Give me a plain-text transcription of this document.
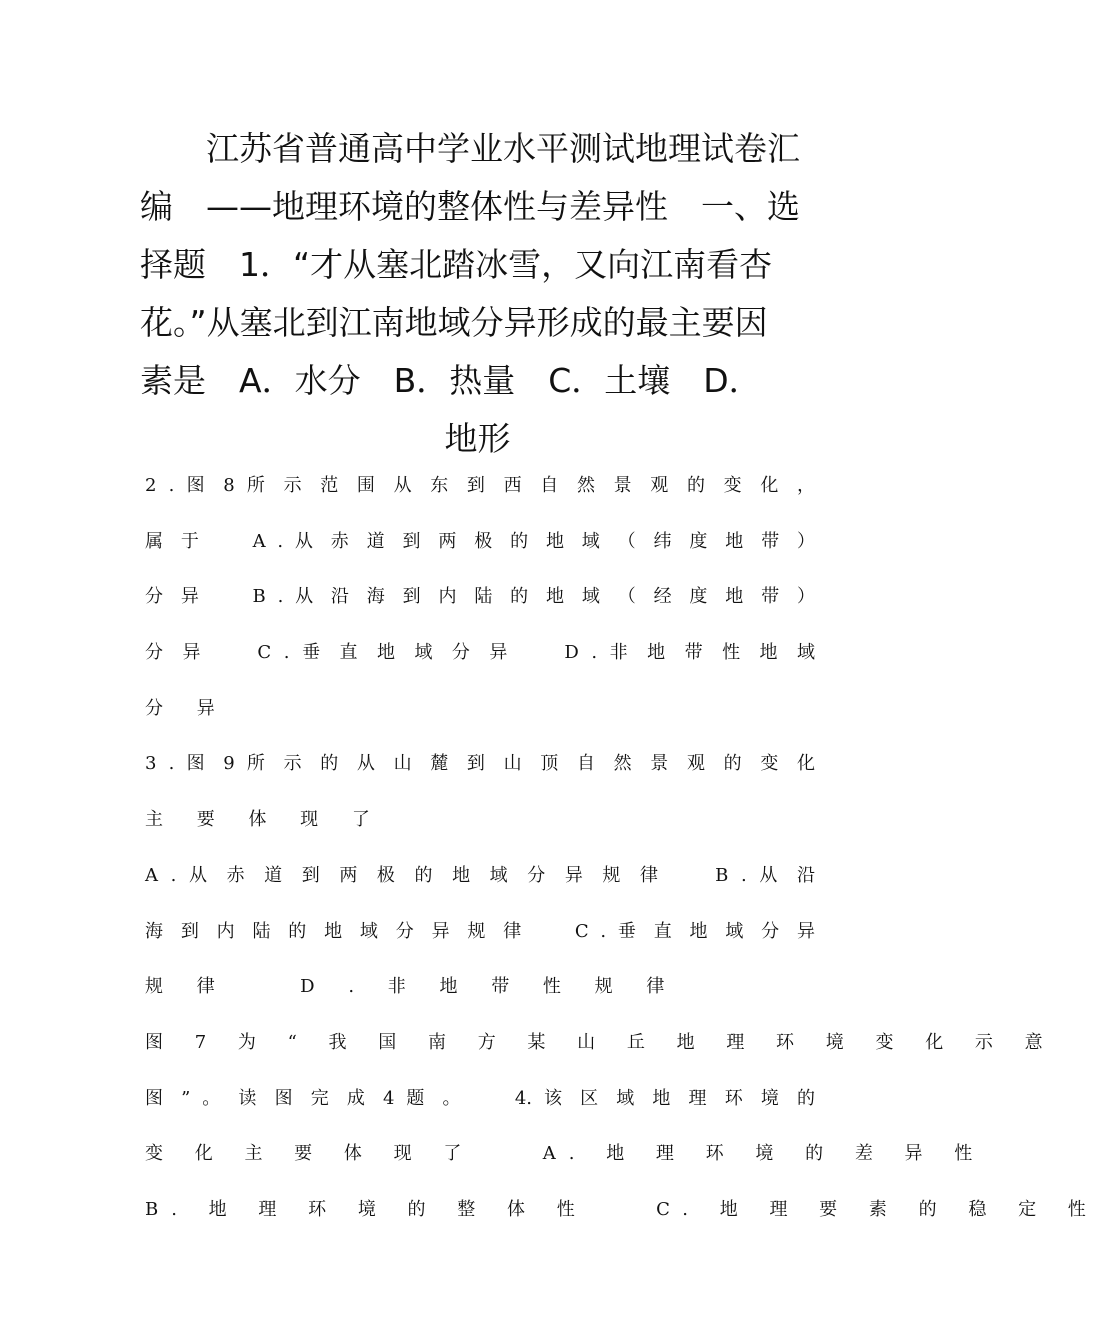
江苏省普通高中学业水平测试地理试卷汇
编　——地理环境的整体性与差异性　一、选
择题　1．“才从塞北踏冰雪，又向江南看杏
花。”从塞北到江南地域分异形成的最主要因
素是　A．水分　B．热量　C．土壤　D．
地形
2 . 图 8 所 示 范 围 从 东 到 西 自 然 景 观 的 变 化 ，
属 于 　 A . 从 赤 道 到 两 极 的 地 域 （ 纬 度 地 带 ）
分 异 　 B . 从 沿 海 到 内 陆 的 地 域 （ 经 度 地 带 ）
分 异 　 C . 垂 直 地 域 分 异 　 D . 非 地 带 性 地 域
分 异
3 . 图 9 所 示 的 从 山 麓 到 山 顶 自 然 景 观 的 变 化
主 要 体 现 了
A . 从 赤 道 到 两 极 的 地 域 分 异 规 律 　 B . 从 沿
海 到 内 陆 的 地 域 分 异 规 律 　 C . 垂 直 地 域 分 异
规 律 　 D . 非 地 带 性 规 律
图 7 为 “ 我 国 南 方 某 山 丘 地 理 环 境 变 化 示 意
图 ” 。 读 图 完 成 4 题 。 　 4. 该 区 域 地 理 环 境 的
变 化 主 要 体 现 了 　 A. 地 理 环 境 的 差 异 性
B. 地 理 环 境 的 整 体 性 　 C. 地 理 要 素 的 稳 定 性
